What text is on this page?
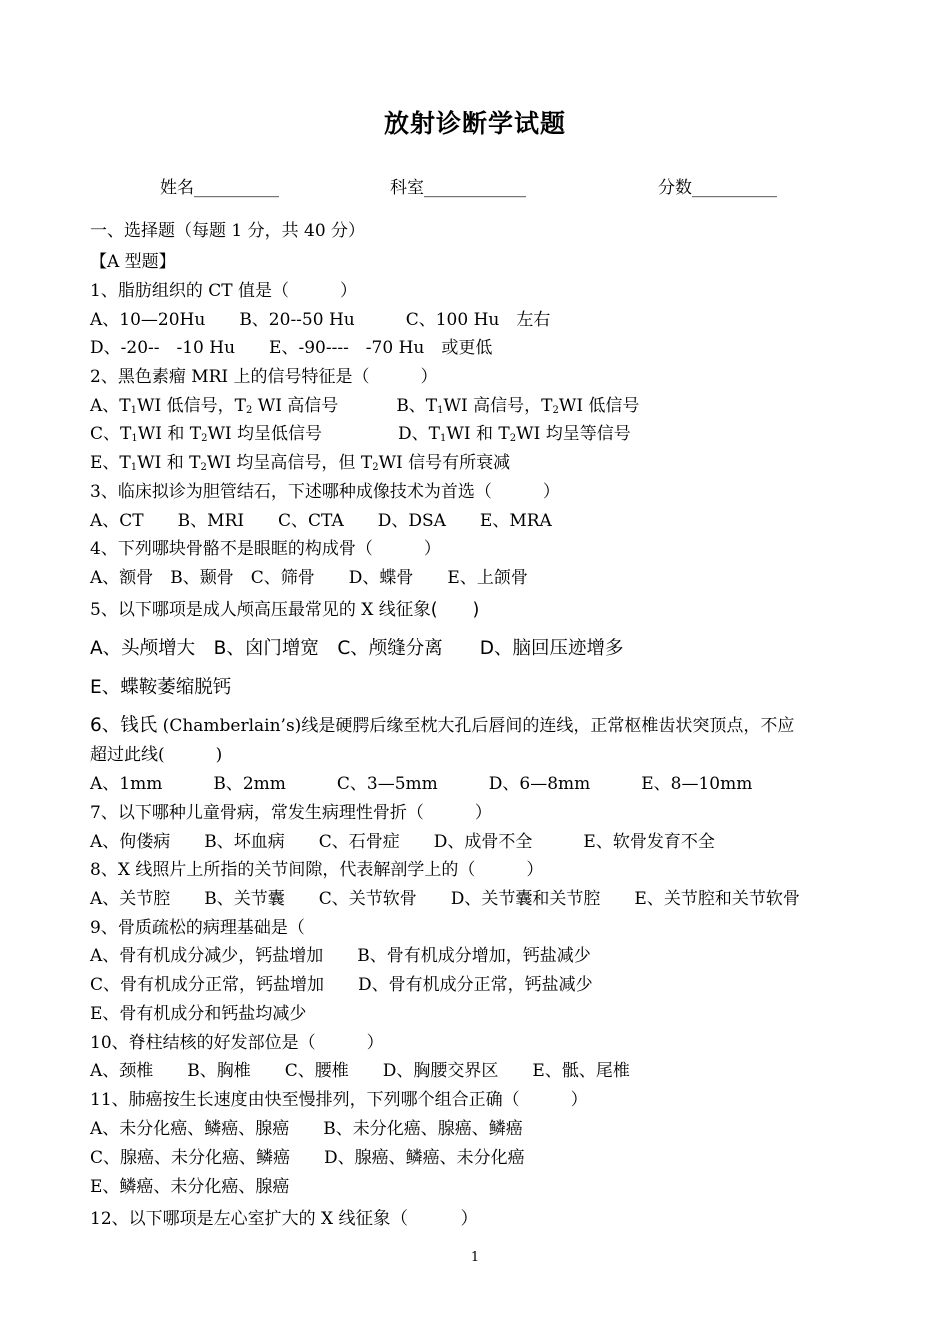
放射诊断学试题
姓名__________	科室____________	分数__________
一、选择题（每题 1 分，共 40 分）
【A 型题】
1、脂肪组织的 CT 值是（　　　）
A、10—20Hu　　B、20--50 Hu　　　C、100 Hu　左右
D、-20--　-10 Hu　　E、-90----　-70 Hu　或更低
2、黑色素瘤 MRI 上的信号特征是（　　　）
A、$T_1WI$ 低信号，$T_2$ WI 高信号	B、$T_1WI$ 高信号，$T_2WI$ 低信号
C、$T_1WI$ 和 $T_2WI$ 均呈低信号	D、$T_1WI$ 和 $T_2WI$ 均呈等信号
E、$T_1WI$ 和 $T_2WI$ 均呈高信号，但 $T_2WI$ 信号有所衰减
3、临床拟诊为胆管结石，下述哪种成像技术为首选（　　　）
A、CT　　B、MRI　　C、CTA　　D、DSA　　E、MRA
4、下列哪块骨骼不是眼眶的构成骨（　　　）
A、额骨　B、颞骨　C、筛骨　　D、蝶骨　　E、上颌骨
5、以下哪项是成人颅高压最常见的 X 线征象(　　)
A、头颅增大　B、囟门增宽　C、颅缝分离　　D、脑回压迹增多
E、蝶鞍萎缩脱钙
6、钱氏 (Chamberlain’s)线是硬腭后缘至枕大孔后唇间的连线，正常枢椎齿状突顶点，不应
超过此线(　　　)
A、1mm　　　B、2mm　　　C、3—5mm　　　D、6—8mm　　　E、8—10mm
7、以下哪种儿童骨病，常发生病理性骨折（　　　）
A、佝偻病　　B、坏血病　　C、石骨症　　D、成骨不全　　　E、软骨发育不全
8、X 线照片上所指的关节间隙，代表解剖学上的（　　　）
A、关节腔　　B、关节囊　　C、关节软骨　　D、关节囊和关节腔　　E、关节腔和关节软骨
9、骨质疏松的病理基础是（
A、骨有机成分减少，钙盐增加　　B、骨有机成分增加，钙盐减少
C、骨有机成分正常，钙盐增加　　D、骨有机成分正常，钙盐减少
E、骨有机成分和钙盐均减少
10、脊柱结核的好发部位是（　　　）
A、颈椎　　B、胸椎　　C、腰椎　　D、胸腰交界区　　E、骶、尾椎
11、肺癌按生长速度由快至慢排列，下列哪个组合正确（　　　）
A、未分化癌、鳞癌、腺癌　　B、未分化癌、腺癌、鳞癌
C、腺癌、未分化癌、鳞癌　　D、腺癌、鳞癌、未分化癌
E、鳞癌、未分化癌、腺癌
12、以下哪项是左心室扩大的 X 线征象（　　　）
1
